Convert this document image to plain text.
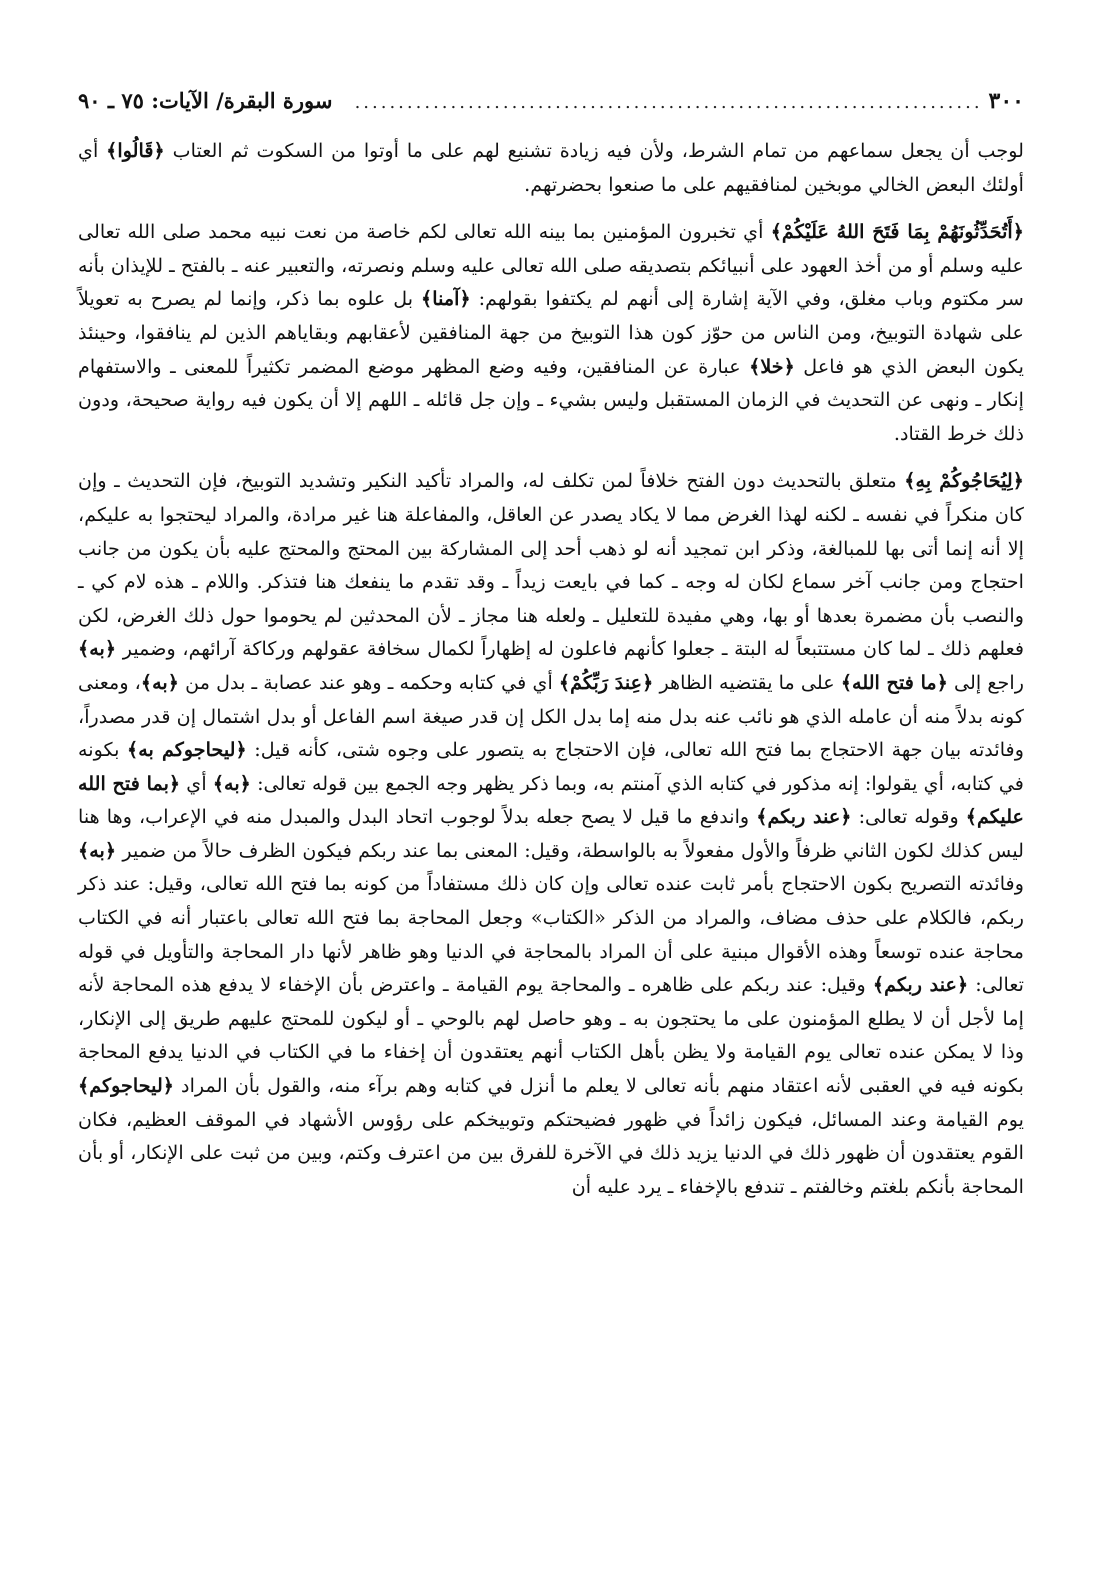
٣٠٠
........................................................................
سورة البقرة/ الآيات: ٧٥ ـ ٩٠

لوجب أن يجعل سماعهم من تمام الشرط، ولأن فيه زيادة تشنيع لهم على ما أوتوا من السكوت ثم العتاب ﴿قَالُوا﴾ أي أولئك البعض الخالي موبخين لمنافقيهم على ما صنعوا بحضرتهم.

﴿أَتُحَدِّثُونَهُمْ بِمَا فَتَحَ اللهُ عَلَيْكُمْ﴾ أي تخبرون المؤمنين بما بينه الله تعالى لكم خاصة من نعت نبيه محمد صلى الله تعالى عليه وسلم أو من أخذ العهود على أنبيائكم بتصديقه صلى الله تعالى عليه وسلم ونصرته، والتعبير عنه ـ بالفتح ـ للإيذان بأنه سر مكتوم وباب مغلق، وفي الآية إشارة إلى أنهم لم يكتفوا بقولهم: ﴿آمنا﴾ بل علوه بما ذكر، وإنما لم يصرح به تعويلاً على شهادة التوبيخ، ومن الناس من حوّز كون هذا التوبيخ من جهة المنافقين لأعقابهم وبقاياهم الذين لم ينافقوا، وحينئذ يكون البعض الذي هو فاعل ﴿خلا﴾ عبارة عن المنافقين، وفيه وضع المظهر موضع المضمر تكثيراً للمعنى ـ والاستفهام إنكار ـ ونهى عن التحديث في الزمان المستقبل وليس بشيء ـ وإن جل قائله ـ اللهم إلا أن يكون فيه رواية صحيحة، ودون ذلك خرط القتاد.

﴿لِيُحَاجُوكُمْ بِهِ﴾ متعلق بالتحديث دون الفتح خلافاً لمن تكلف له، والمراد تأكيد النكير وتشديد التوبيخ، فإن التحديث ـ وإن كان منكراً في نفسه ـ لكنه لهذا الغرض مما لا يكاد يصدر عن العاقل، والمفاعلة هنا غير مرادة، والمراد ليحتجوا به عليكم، إلا أنه إنما أتى بها للمبالغة، وذكر ابن تمجيد أنه لو ذهب أحد إلى المشاركة بين المحتج والمحتج عليه بأن يكون من جانب احتجاج ومن جانب آخر سماع لكان له وجه ـ كما في بايعت زيداً ـ وقد تقدم ما ينفعك هنا فتذكر. واللام ـ هذه لام كي ـ والنصب بأن مضمرة بعدها أو بها، وهي مفيدة للتعليل ـ ولعله هنا مجاز ـ لأن المحدثين لم يحوموا حول ذلك الغرض، لكن فعلهم ذلك ـ لما كان مستتبعاً له البتة ـ جعلوا كأنهم فاعلون له إظهاراً لكمال سخافة عقولهم وركاكة آرائهم، وضمير ﴿به﴾ راجع إلى ﴿ما فتح الله﴾ على ما يقتضيه الظاهر ﴿عِندَ رَبِّكُمْ﴾ أي في كتابه وحكمه ـ وهو عند عصابة ـ بدل من ﴿به﴾، ومعنى كونه بدلاً منه أن عامله الذي هو نائب عنه بدل منه إما بدل الكل إن قدر صيغة اسم الفاعل أو بدل اشتمال إن قدر مصدراً، وفائدته بيان جهة الاحتجاج بما فتح الله تعالى، فإن الاحتجاج به يتصور على وجوه شتى، كأنه قيل: ﴿ليحاجوكم به﴾ بكونه في كتابه، أي يقولوا: إنه مذكور في كتابه الذي آمنتم به، وبما ذكر يظهر وجه الجمع بين قوله تعالى: ﴿به﴾ أي ﴿بما فتح الله عليكم﴾ وقوله تعالى: ﴿عند ربكم﴾ واندفع ما قيل لا يصح جعله بدلاً لوجوب اتحاد البدل والمبدل منه في الإعراب، وها هنا ليس كذلك لكون الثاني ظرفاً والأول مفعولاً به بالواسطة، وقيل: المعنى بما عند ربكم فيكون الظرف حالاً من ضمير ﴿به﴾ وفائدته التصريح بكون الاحتجاج بأمر ثابت عنده تعالى وإن كان ذلك مستفاداً من كونه بما فتح الله تعالى، وقيل: عند ذكر ربكم، فالكلام على حذف مضاف، والمراد من الذكر «الكتاب» وجعل المحاجة بما فتح الله تعالى باعتبار أنه في الكتاب محاجة عنده توسعاً وهذه الأقوال مبنية على أن المراد بالمحاجة في الدنيا وهو ظاهر لأنها دار المحاجة والتأويل في قوله تعالى: ﴿عند ربكم﴾ وقيل: عند ربكم على ظاهره ـ والمحاجة يوم القيامة ـ واعترض بأن الإخفاء لا يدفع هذه المحاجة لأنه إما لأجل أن لا يطلع المؤمنون على ما يحتجون به ـ وهو حاصل لهم بالوحي ـ أو ليكون للمحتج عليهم طريق إلى الإنكار، وذا لا يمكن عنده تعالى يوم القيامة ولا يظن بأهل الكتاب أنهم يعتقدون أن إخفاء ما في الكتاب في الدنيا يدفع المحاجة بكونه فيه في العقبى لأنه اعتقاد منهم بأنه تعالى لا يعلم ما أنزل في كتابه وهم برآء منه، والقول بأن المراد ﴿ليحاجوكم﴾ يوم القيامة وعند المسائل، فيكون زائداً في ظهور فضيحتكم وتوبيخكم على رؤوس الأشهاد في الموقف العظيم، فكان القوم يعتقدون أن ظهور ذلك في الدنيا يزيد ذلك في الآخرة للفرق بين من اعترف وكتم، وبين من ثبت على الإنكار، أو بأن المحاجة بأنكم بلغتم وخالفتم ـ تندفع بالإخفاء ـ يرد عليه أن
